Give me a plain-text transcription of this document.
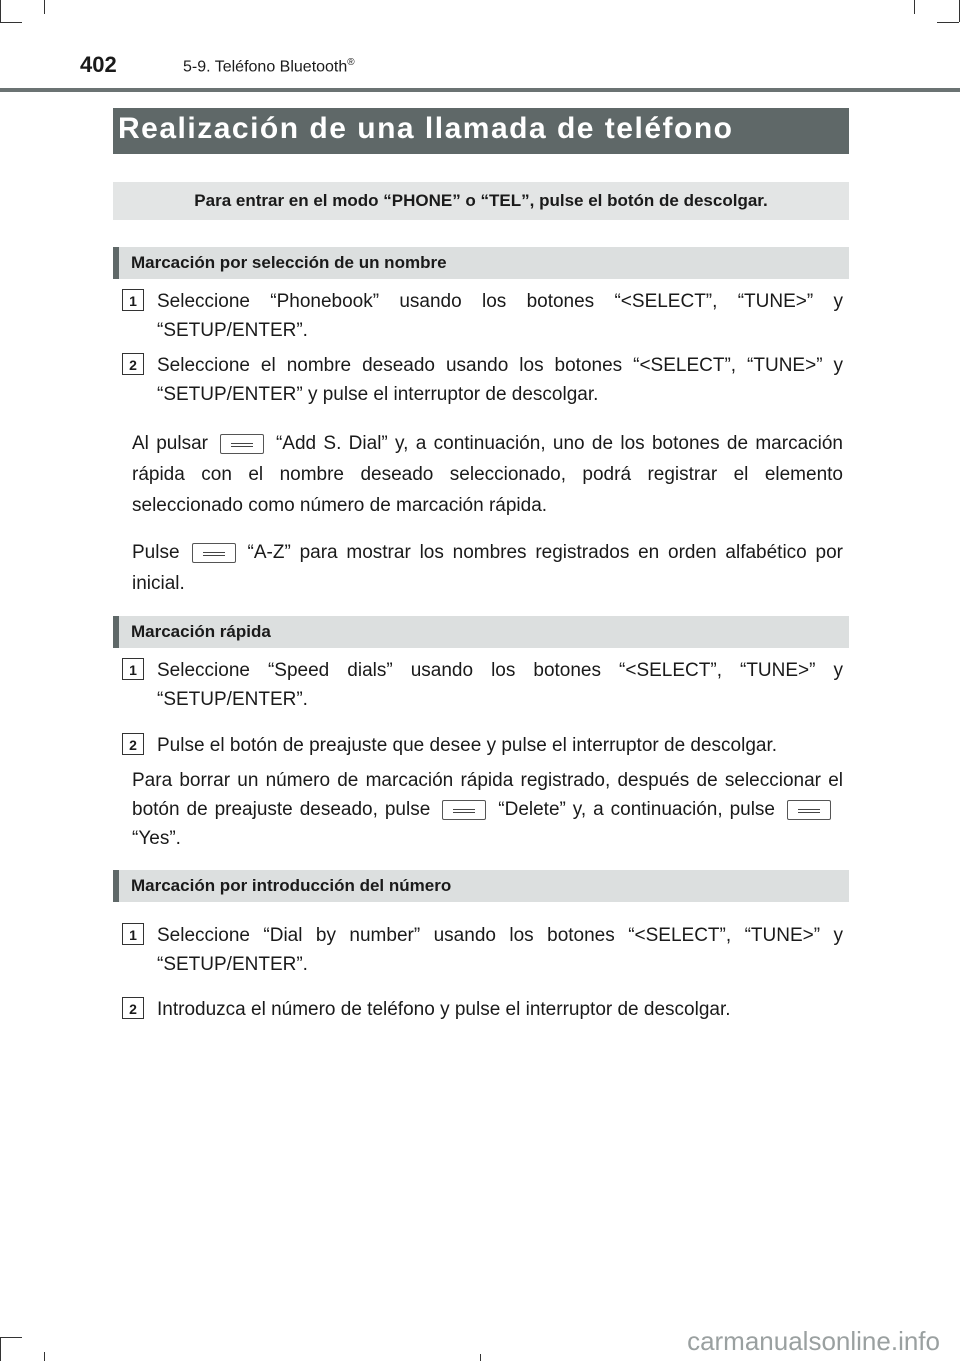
402	5-9. Teléfono Bluetooth®
Realización de una llamada de teléfono
Para entrar en el modo “PHONE” o “TEL”, pulse el botón de descolgar.
Marcación por selección de un nombre
1	Seleccione “Phonebook” usando los botones “<SELECT”, “TUNE>” y “SETUP/ENTER”.
2	Seleccione el nombre deseado usando los botones “<SELECT”, “TUNE>” y “SETUP/ENTER” y pulse el interruptor de descolgar.
Al pulsar	“Add S. Dial” y, a continuación, uno de los botones de marcación rápida con el nombre deseado seleccionado, podrá registrar el elemento seleccionado como número de marcación rápida.
Pulse	“A-Z” para mostrar los nombres registrados en orden alfabético por inicial.
Marcación rápida
1	Seleccione “Speed dials” usando los botones “<SELECT”, “TUNE>” y “SETUP/ENTER”.
2	Pulse el botón de preajuste que desee y pulse el interruptor de descolgar.
Para borrar un número de marcación rápida registrado, después de seleccionar el botón de preajuste deseado, pulse	“Delete” y, a continuación, pulse“Yes”.
Marcación por introducción del número
1	Seleccione “Dial by number” usando los botones “<SELECT”, “TUNE>” y “SETUP/ENTER”.
2	Introduzca el número de teléfono y pulse el interruptor de descolgar.
carmanualsonline.info
